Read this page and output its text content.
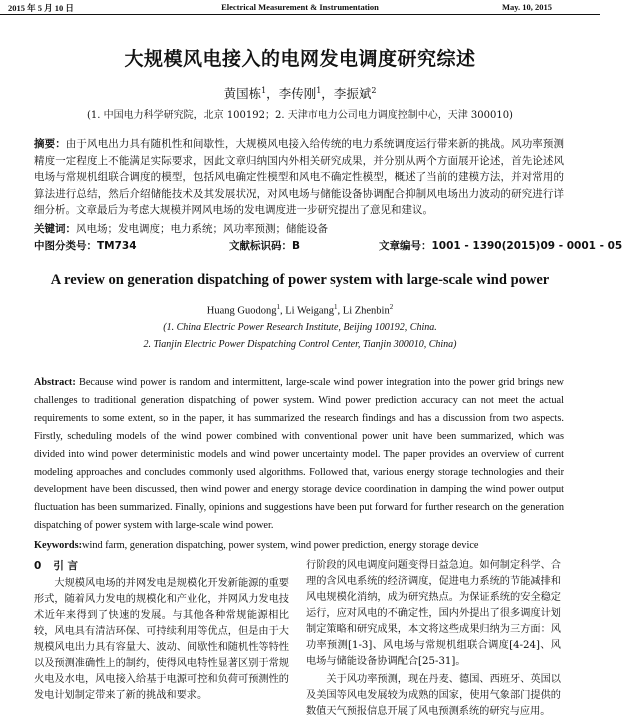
2015 年 5 月 10 日	Electrical Measurement & Instrumentation	May. 10, 2015
大规模风电接入的电网发电调度研究综述
黄国栋$^1$，李传刚$^1$，李振斌$^2$
(1. 中国电力科学研究院，北京 100192；2. 天津市电力公司电力调度控制中心，天津 300010)
摘要：由于风电出力具有随机性和间歇性，大规模风电接入给传统的电力系统调度运行带来新的挑战。风功率预测精度一定程度上不能满足实际要求，因此文章归纳国内外相关研究成果，并分别从两个方面展开论述，首先论述风电场与常规机组联合调度的模型，包括风电确定性模型和风电不确定性模型，概述了当前的建模方法，并对常用的算法进行总结，然后介绍储能技术及其发展状况，对风电场与储能设备协调配合抑制风电场出力波动的研究进行详细分析。文章最后为考虑大规模并网风电场的发电调度进一步研究提出了意见和建议。
关键词：风电场；发电调度；电力系统；风功率预测；储能设备
中图分类号：TM734	文献标识码：B	文章编号：1001 - 1390(2015)09 - 0001 - 05
A review on generation dispatching of power system with large-scale wind power
Huang Guodong$^1$, Li Weigang$^1$, Li Zhenbin$^2$
(1. China Electric Power Research Institute, Beijing 100192, China.
2. Tianjin Electric Power Dispatching Control Center, Tianjin 300010, China)
Abstract: Because wind power is random and intermittent, large-scale wind power integration into the power grid brings new challenges to traditional generation dispatching of power system. Wind power prediction accuracy can not meet the actual requirements to some extent, so in the paper, it has summarized the research findings and has a discussion from two aspects. Firstly, scheduling models of the wind power combined with conventional power unit have been summarized, which was divided into wind power deterministic models and wind power uncertainty model. The paper provides an overview of current modeling approaches and concludes commonly used algorithms. Followed that, various energy storage technologies and their development have been discussed, then wind power and energy storage device coordination in damping the wind power output fluctuation has been summarized. Finally, opinions and suggestions have been put forward for further research on the generation dispatching of power system with large-scale wind power.
Keywords:wind farm, generation dispatching, power system, wind power prediction, energy storage device
0 引 言

大规模风电场的并网发电是规模化开发新能源的重要形式，随着风力发电的规模化和产业化，并网风力发电技术近年来得到了快速的发展。与其他各种常规能源相比较，风电具有清洁环保、可持续利用等优点，但是由于大规模风电出力具有容量大、波动、间歇性和随机性等特性以及预测准确性上的制约，使得风电特性显著区别于常规火电及水电，风电接入给基于电源可控和负荷可预测性的发电计划制定带来了新的挑战和要求。

行阶段的风电调度问题变得日益急迫。如何制定科学、合理的含风电系统的经济调度，促进电力系统的节能减排和风电规模化消纳，成为研究热点。为保证系统的安全稳定运行，应对风电的不确定性，国内外提出了很多调度计划制定策略和研究成果，本文将这些成果归纳为三方面：风功率预测[1-3]、风电场与常规机组联合调度[4-24]、风电场与储能设备协调配合[25-31]。

关于风功率预测，现在丹麦、德国、西班牙、英国以及美国等风电发展较为成熟的国家，使用气象部门提供的数值天气预报信息开展了风电预测系统的研究与应用。
